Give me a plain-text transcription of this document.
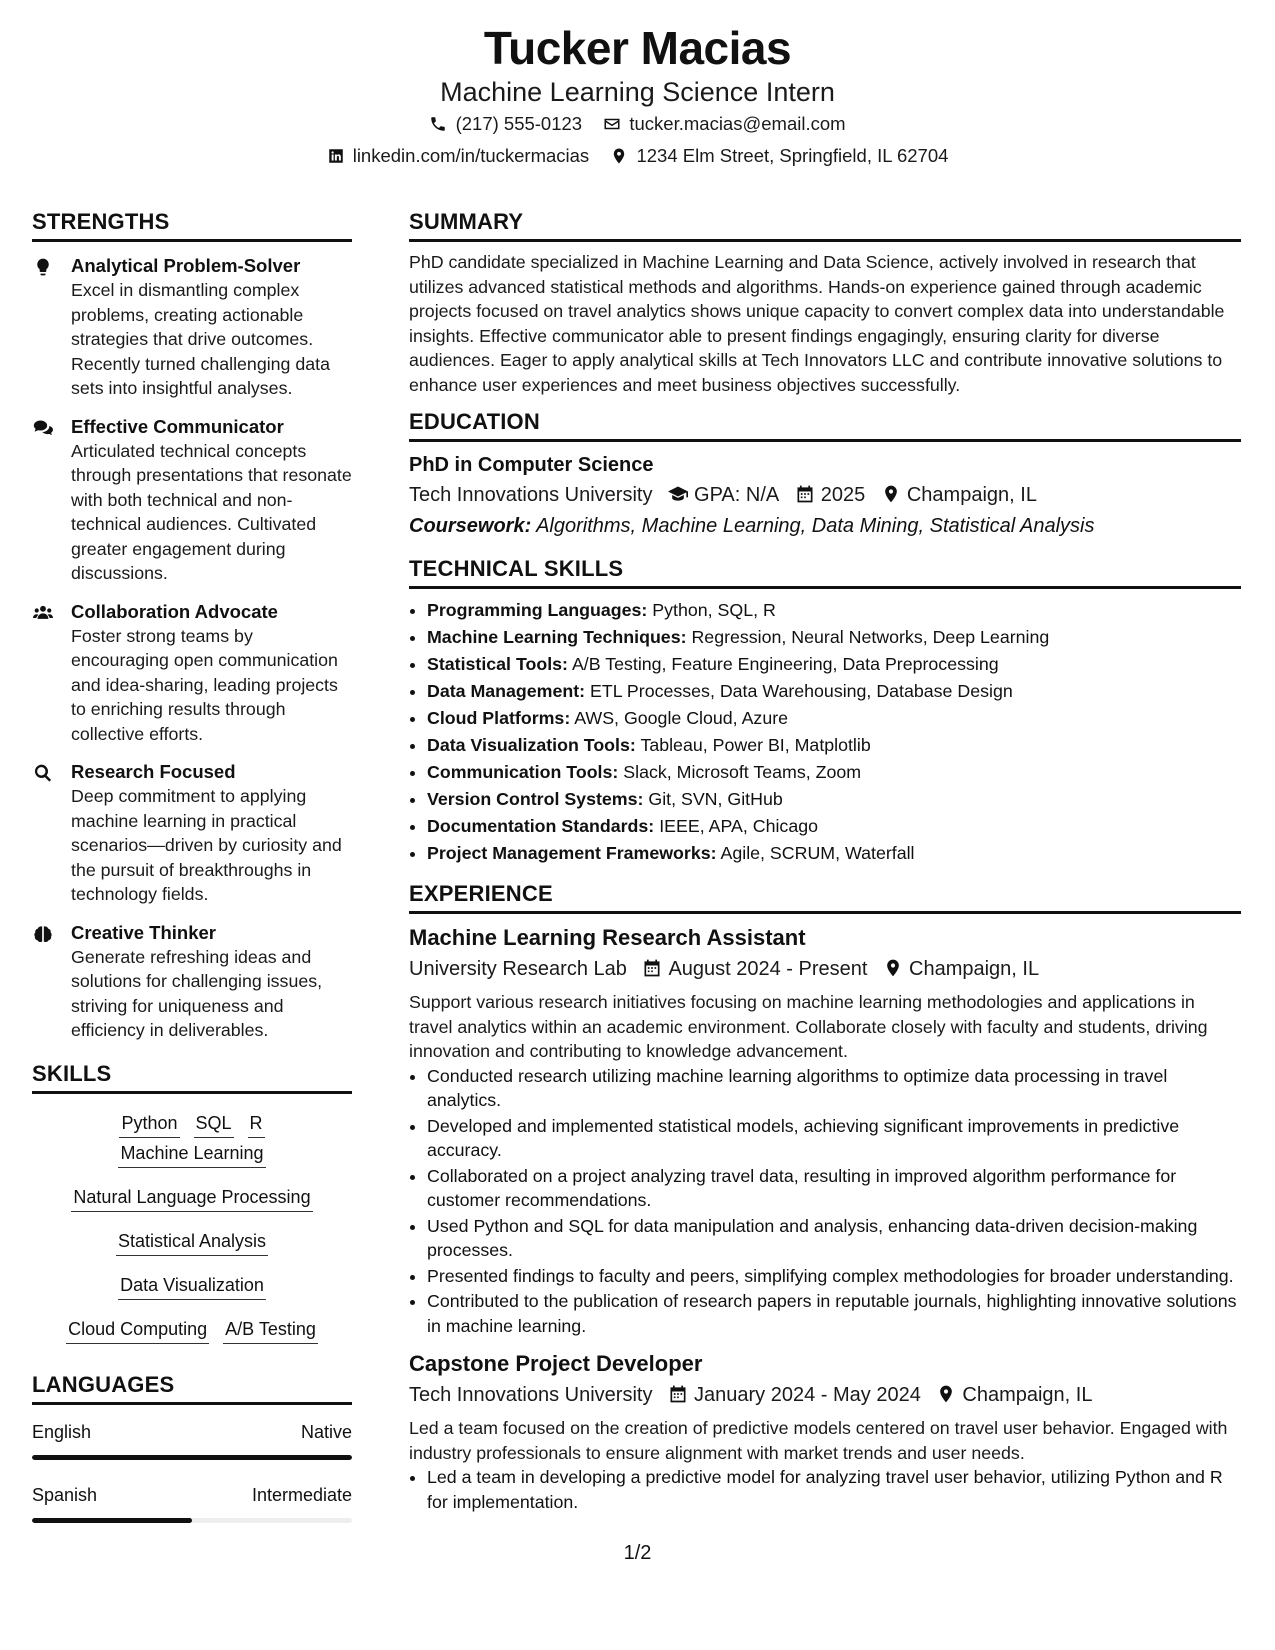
Tucker Macias
Machine Learning Science Intern
(217) 555-0123	tucker.macias@email.com
linkedin.com/in/tuckermacias	1234 Elm Street, Springfield, IL 62704
STRENGTHS
Analytical Problem-Solver
Excel in dismantling complex problems, creating actionable strategies that drive outcomes. Recently turned challenging data sets into insightful analyses.
Effective Communicator
Articulated technical concepts through presentations that resonate with both technical and non-technical audiences. Cultivated greater engagement during discussions.
Collaboration Advocate
Foster strong teams by encouraging open communication and idea-sharing, leading projects to enriching results through collective efforts.
Research Focused
Deep commitment to applying machine learning in practical scenarios—driven by curiosity and the pursuit of breakthroughs in technology fields.
Creative Thinker
Generate refreshing ideas and solutions for challenging issues, striving for uniqueness and efficiency in deliverables.
SKILLS
Python SQL RMachine Learning
Natural Language Processing
Statistical Analysis
Data Visualization
Cloud Computing A/B Testing
LANGUAGES
English	Native
Spanish	Intermediate
SUMMARY

PhD candidate specialized in Machine Learning and Data Science, actively involved in research that utilizes advanced statistical methods and algorithms. Hands-on experience gained through academic projects focused on travel analytics shows unique capacity to convert complex data into understandable insights. Effective communicator able to present findings engagingly, ensuring clarity for diverse audiences. Eager to apply analytical skills at Tech Innovators LLC and contribute innovative solutions to enhance user experiences and meet business objectives successfully.

EDUCATION
PhD in Computer Science
Tech Innovations University GPA: N/A 2025 Champaign, IL
Coursework: Algorithms, Machine Learning, Data Mining, Statistical Analysis
TECHNICAL SKILLS
• Programming Languages: Python, SQL, R
• Machine Learning Techniques: Regression, Neural Networks, Deep Learning
• Statistical Tools: A/B Testing, Feature Engineering, Data Preprocessing
• Data Management: ETL Processes, Data Warehousing, Database Design
• Cloud Platforms: AWS, Google Cloud, Azure
• Data Visualization Tools: Tableau, Power BI, Matplotlib
• Communication Tools: Slack, Microsoft Teams, Zoom
• Version Control Systems: Git, SVN, GitHub
• Documentation Standards: IEEE, APA, Chicago
• Project Management Frameworks: Agile, SCRUM, Waterfall
EXPERIENCE
Machine Learning Research Assistant
University Research Lab August 2024 - Present Champaign, IL

Support various research initiatives focusing on machine learning methodologies and applications in travel analytics within an academic environment. Collaborate closely with faculty and students, driving innovation and contributing to knowledge advancement.

• Conducted research utilizing machine learning algorithms to optimize data processing in travel analytics.
• Developed and implemented statistical models, achieving significant improvements in predictive accuracy.
• Collaborated on a project analyzing travel data, resulting in improved algorithm performance for customer recommendations.
• Used Python and SQL for data manipulation and analysis, enhancing data-driven decision-making processes.
• Presented findings to faculty and peers, simplifying complex methodologies for broader understanding.
• Contributed to the publication of research papers in reputable journals, highlighting innovative solutions in machine learning.
Capstone Project Developer
Tech Innovations University January 2024 - May 2024 Champaign, IL

Led a team focused on the creation of predictive models centered on travel user behavior. Engaged with industry professionals to ensure alignment with market trends and user needs.

• Led a team in developing a predictive model for analyzing travel user behavior, utilizing Python and R for implementation.
1/2
